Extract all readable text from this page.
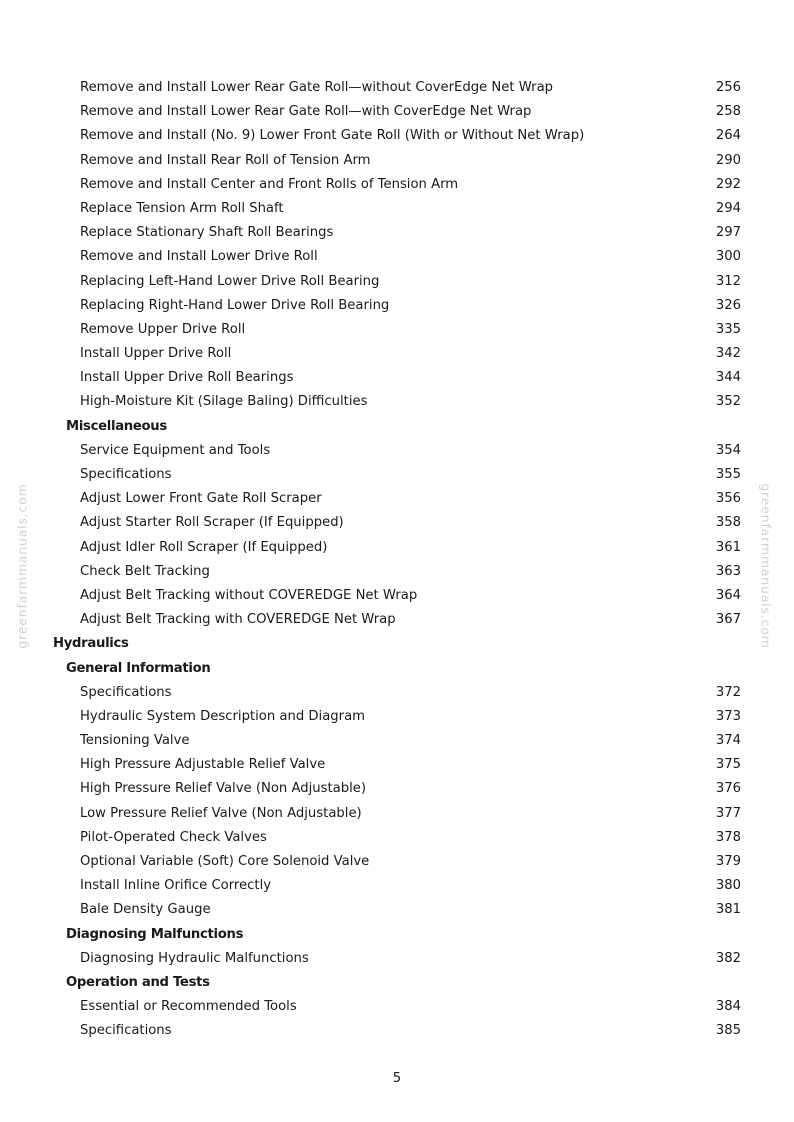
Remove and Install Lower Rear Gate Roll—without CoverEdge Net Wrap	256
Remove and Install Lower Rear Gate Roll—with CoverEdge Net Wrap	258
Remove and Install (No. 9) Lower Front Gate Roll (With or Without Net Wrap)	264
Remove and Install Rear Roll of Tension Arm	290
Remove and Install Center and Front Rolls of Tension Arm	292
Replace Tension Arm Roll Shaft	294
Replace Stationary Shaft Roll Bearings	297
Remove and Install Lower Drive Roll	300
Replacing Left-Hand Lower Drive Roll Bearing	312
Replacing Right-Hand Lower Drive Roll Bearing	326
Remove Upper Drive Roll	335
Install Upper Drive Roll	342
Install Upper Drive Roll Bearings	344
High-Moisture Kit (Silage Baling) Difficulties	352
Miscellaneous
Service Equipment and Tools	354
Specifications	355
Adjust Lower Front Gate Roll Scraper	356
Adjust Starter Roll Scraper (If Equipped)	358
Adjust Idler Roll Scraper (If Equipped)	361
Check Belt Tracking	363
Adjust Belt Tracking without COVEREDGE Net Wrap	364
Adjust Belt Tracking with COVEREDGE Net Wrap	367
Hydraulics
General Information
Specifications	372
Hydraulic System Description and Diagram	373
Tensioning Valve	374
High Pressure Adjustable Relief Valve	375
High Pressure Relief Valve (Non Adjustable)	376
Low Pressure Relief Valve (Non Adjustable)	377
Pilot-Operated Check Valves	378
Optional Variable (Soft) Core Solenoid Valve	379
Install Inline Orifice Correctly	380
Bale Density Gauge	381
Diagnosing Malfunctions
Diagnosing Hydraulic Malfunctions	382
Operation and Tests
Essential or Recommended Tools	384
Specifications	385
5
greenfarmmanuals.com	greenfarmmanuals.com
